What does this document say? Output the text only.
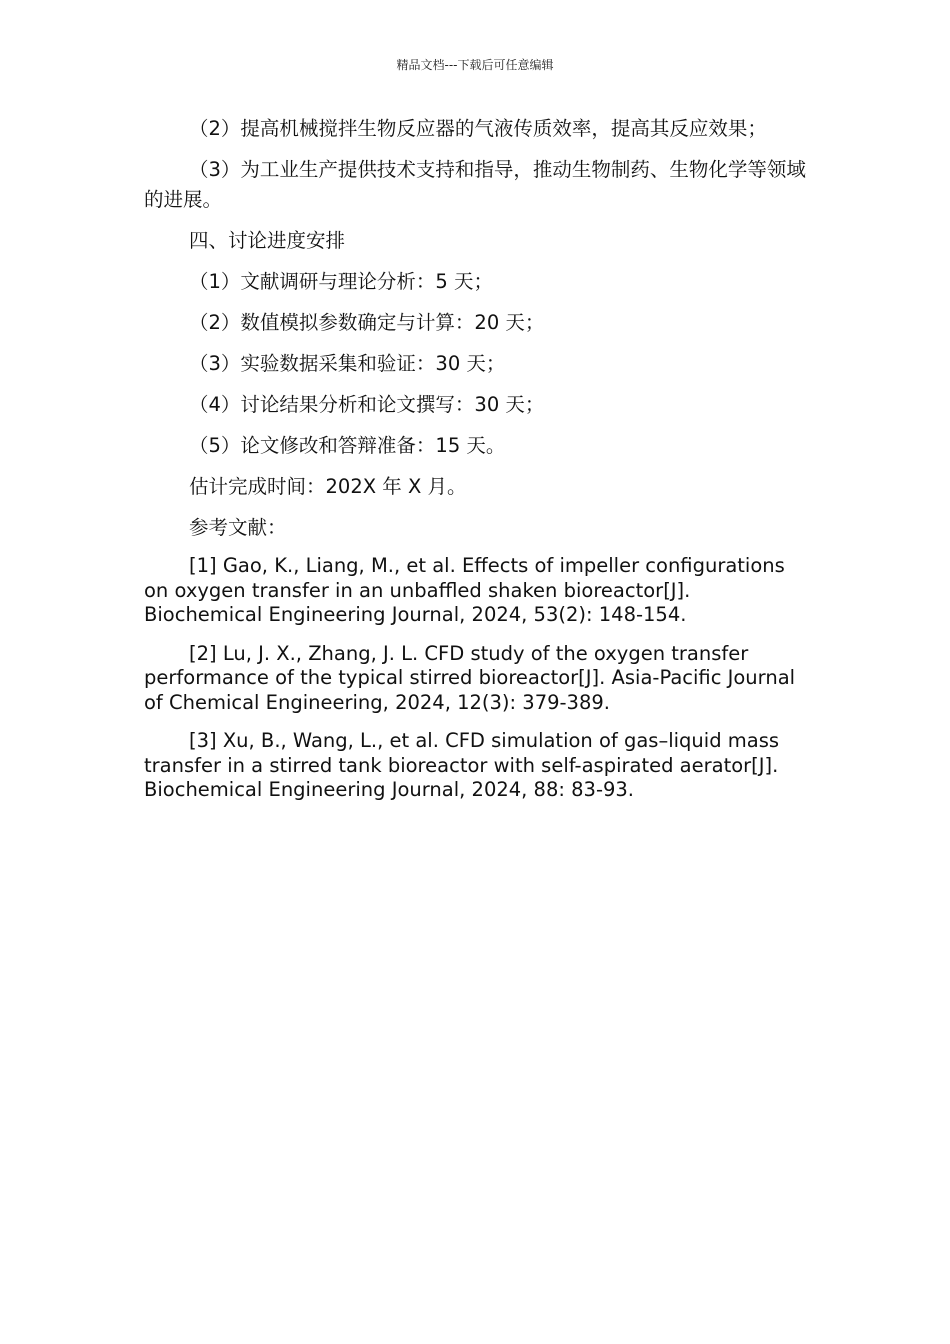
精品文档---下载后可任意编辑

（2）提高机械搅拌生物反应器的气液传质效率，提高其反应效果；

（3）为工业生产提供技术支持和指导，推动生物制药、生物化学等领域的进展。

四、讨论进度安排

（1）文献调研与理论分析：5 天；

（2）数值模拟参数确定与计算：20 天；

（3）实验数据采集和验证：30 天；

（4）讨论结果分析和论文撰写：30 天；

（5）论文修改和答辩准备：15 天。

估计完成时间：202X 年 X 月。

参考文献：

[1] Gao, K., Liang, M., et al. Effects of impeller configurations on oxygen transfer in an unbaffled shaken bioreactor[J]. Biochemical Engineering Journal, 2024, 53(2): 148-154.

[2] Lu, J. X., Zhang, J. L. CFD study of the oxygen transfer performance of the typical stirred bioreactor[J]. Asia-Pacific Journal of Chemical Engineering, 2024, 12(3): 379-389.

[3] Xu, B., Wang, L., et al. CFD simulation of gas–liquid mass transfer in a stirred tank bioreactor with self-aspirated aerator[J]. Biochemical Engineering Journal, 2024, 88: 83-93.
